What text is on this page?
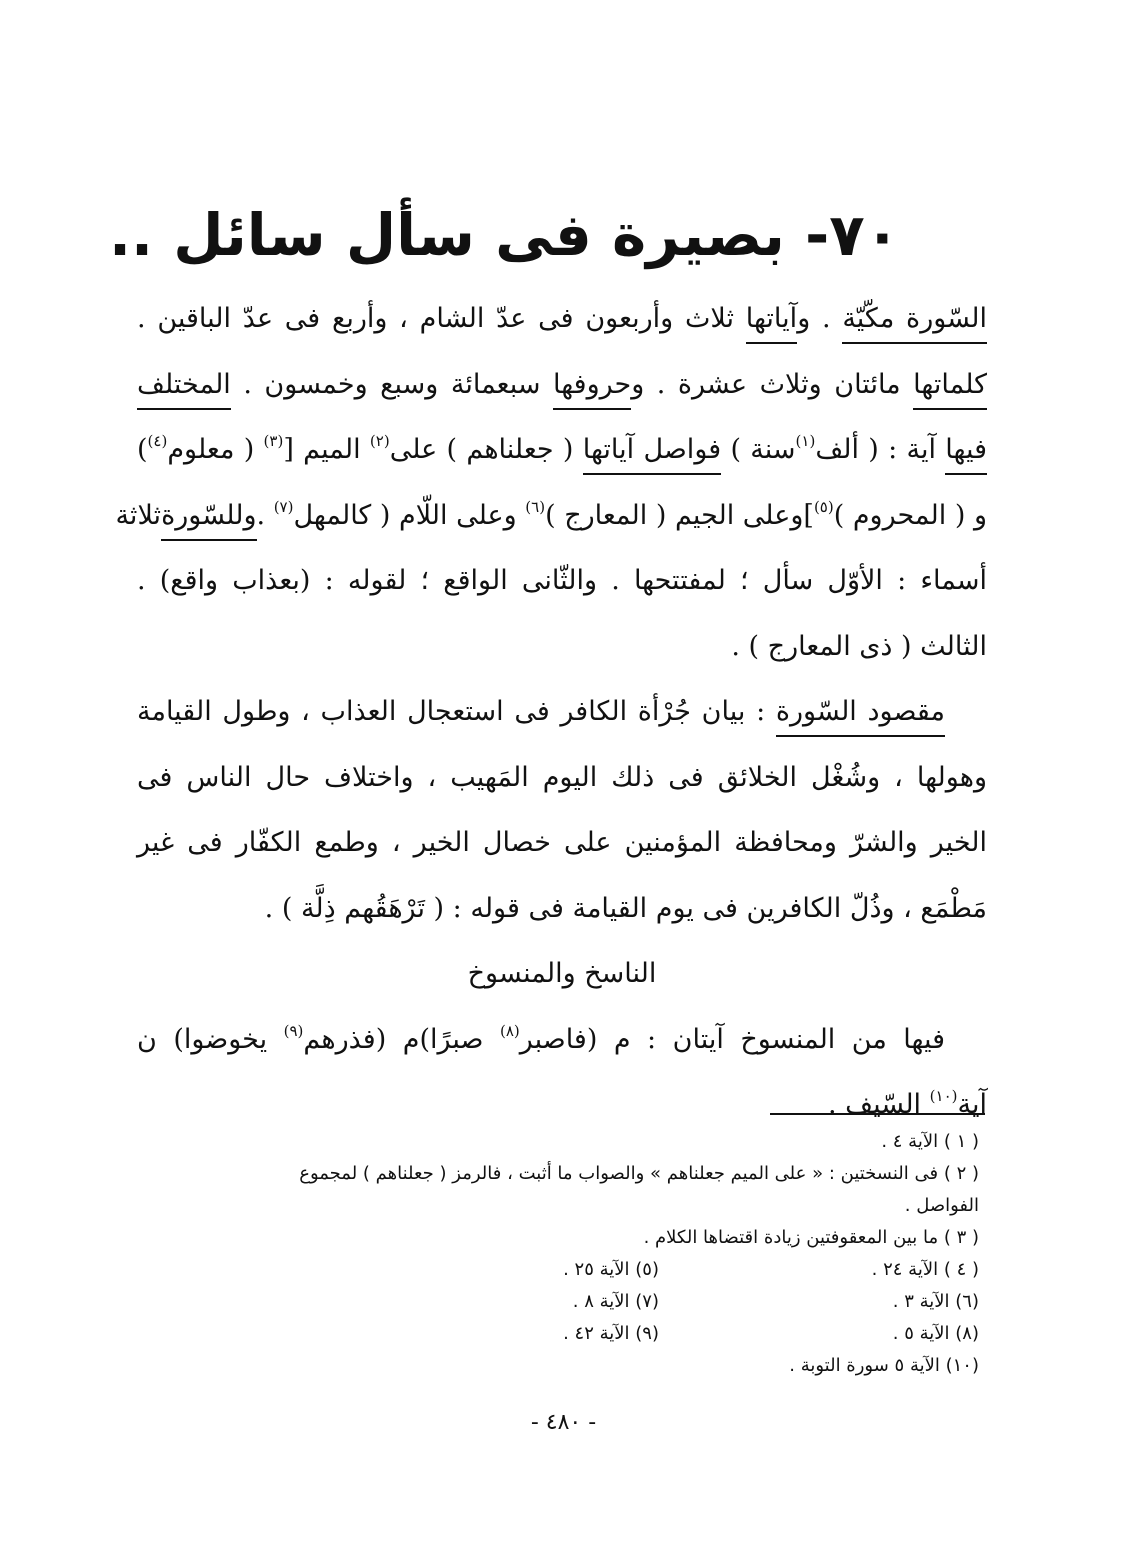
٧٠- بصيرة فى سأل سائل ..
السّورة مكّيّة . وآياتها ثلاث وأربعون فى عدّ الشام ، وأربع فى عدّ الباقين .
كلماتها مائتان وثلاث عشرة . وحروفها سبعمائة وسبع وخمسون . المختلف
فيها آية : ( ألف$^{(١)}$سنة ) فواصل آياتها ( جعلناهم ) على$^{(٢)}$ الميم [$^{(٣)}$ ( معلوم$^{(٤)}$)
و ( المحروم )$^{(٥)}$]وعلى الجيم ( المعارج )$^{(٦)}$ وعلى اللّام ( كالمهل$^{(٧)}$ .وللسّورةثلاثة
أسماء : الأوّل سأل ؛ لمفتتحها . والثّانى الواقع ؛ لقوله : (بعذاب واقع) .
الثالث ( ذى المعارج ) .
مقصود السّورة : بيان جُرْأة الكافر فى استعجال العذاب ، وطول القيامة
وهولها ، وشُغْل الخلائق فى ذلك اليوم المَهيب ، واختلاف حال الناس فى
الخير والشرّ ومحافظة المؤمنين على خصال الخير ، وطمع الكفّار فى غير
مَطْمَع ، وذُلّ الكافرين فى يوم القيامة فى قوله : ( تَرْهَقُهم ذِلَّة ) .
الناسخ والمنسوخ
فيها من المنسوخ آيتان : م (فاصبر$^{(٨)}$ صبرًا)م (فذرهم$^{(٩)}$ يخوضوا) ن
آية$^{(١٠)}$ السّيف .
( ١ ) الآية ٤ .
( ٢ ) فى النسختين : « على الميم جعلناهم » والصواب ما أثبت ، فالرمز ( جعلناهم ) لمجموع
الفواصل .
( ٣ ) ما بين المعقوفتين زيادة اقتضاها الكلام .
( ٤ ) الآية ٢٤ .
(٥) الآية ٢٥ .
(٦) الآية ٣ .
(٧) الآية ٨ .
(٨) الآية ٥ .
(٩) الآية ٤٢ .
(١٠) الآية ٥ سورة التوبة .
- ٤٨٠ -
